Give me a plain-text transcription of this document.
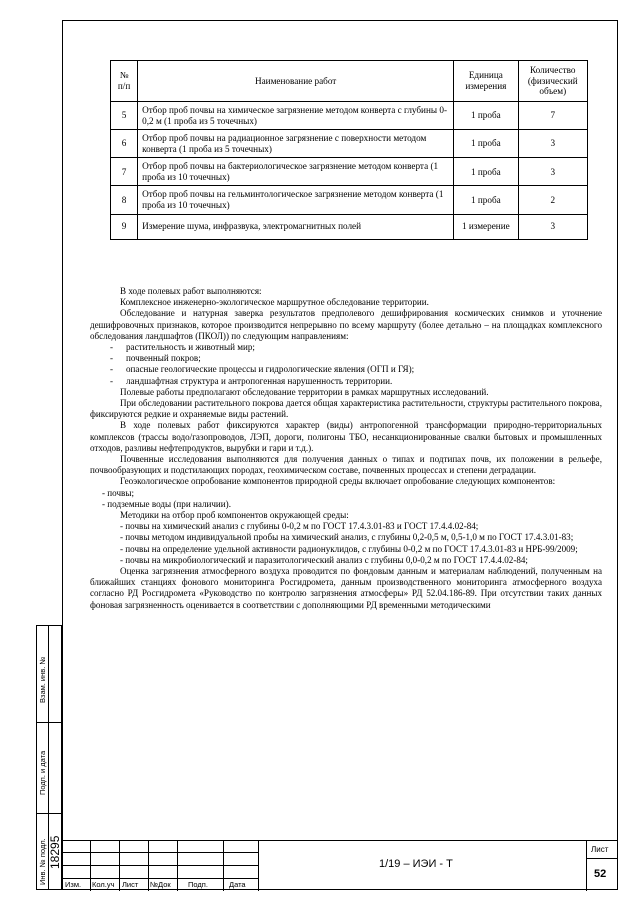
№ п/п	Наименование работ	Единица измерения	Количество (физический объем)
5	Отбор проб почвы на химическое загрязнение методом конверта с глубины 0-0,2 м (1 проба из 5 точечных)	1 проба	7
6	Отбор проб почвы на радиационное загрязнение с поверхности методом конверта (1 проба из 5 точечных)	1 проба	3
7	Отбор проб почвы на бактериологическое загрязнение методом конверта (1 проба из 10 точечных)	1 проба	3
8	Отбор проб почвы на гельминтологическое загрязнение методом конверта (1 проба из 10 точечных)	1 проба	2
9	Измерение шума, инфразвука, электромагнитных полей	1 измерение	3

В ходе полевых работ выполняются:

Комплексное инженерно-экологическое маршрутное обследование территории.

Обследование и натурная заверка результатов предполевого дешифрирования космических снимков и уточнение дешифровочных признаков, которое производится непрерывно по всему маршруту (более детально – на площадках комплексного обследования ландшафтов (ПКОЛ)) по следующим направлениям:

- растительность и животный мир;

- почвенный покров;

- опасные геологические процессы и гидрологические явления (ОГП и ГЯ);

- ландшафтная структура и антропогенная нарушенность территории.

Полевые работы предполагают обследование территории в рамках маршрутных исследований.

При обследовании растительного покрова дается общая характеристика растительности, структуры растительного покрова, фиксируются редкие и охраняемые виды растений.

В ходе полевых работ фиксируются характер (виды) антропогенной трансформации природно-территориальных комплексов (трассы водо/газопроводов, ЛЭП, дороги, полигоны ТБО, несанкционированные свалки бытовых и промышленных отходов, разливы нефтепродуктов, вырубки и гари и т.д.).

Почвенные исследования выполняются для получения данных о типах и подтипах почв, их положении в рельефе, почвообразующих и подстилающих породах, геохимическом составе, почвенных процессах и степени деградации.

Геоэкологическое опробование компонентов природной среды включает опробование следующих компонентов:

- почвы;

- подземные воды (при наличии).

Методики на отбор проб компонентов окружающей среды:

- почвы на химический анализ с глубины 0-0,2 м по ГОСТ 17.4.3.01-83 и ГОСТ 17.4.4.02-84;

- почвы методом индивидуальной пробы на химический анализ, с глубины 0,2-0,5 м, 0,5-1,0 м по ГОСТ 17.4.3.01-83;

- почвы на определение удельной активности радионуклидов, с глубины 0-0,2 м по ГОСТ 17.4.3.01-83 и НРБ-99/2009;

- почвы на микробиологический и паразитологический анализ с глубины 0,0-0,2 м по ГОСТ 17.4.4.02-84;

Оценка загрязнения атмосферного воздуха проводится по фондовым данным и материалам наблюдений, полученным на ближайших станциях фонового мониторинга Росгидромета, данным производственного мониторинга атмосферного воздуха согласно РД Росгидромета «Руководство по контролю загрязнения атмосферы» РД 52.04.186-89. При отсутствии таких данных фоновая загрязненность оценивается в соответствии с дополняющими РД временными методическими

Взам. инв. №
Подп. и дата
Инв. № подл. 18295
Изм. Кол.уч Лист №Док Подп.	Дата
1/19 – ИЭИ - Т
Лист
52
